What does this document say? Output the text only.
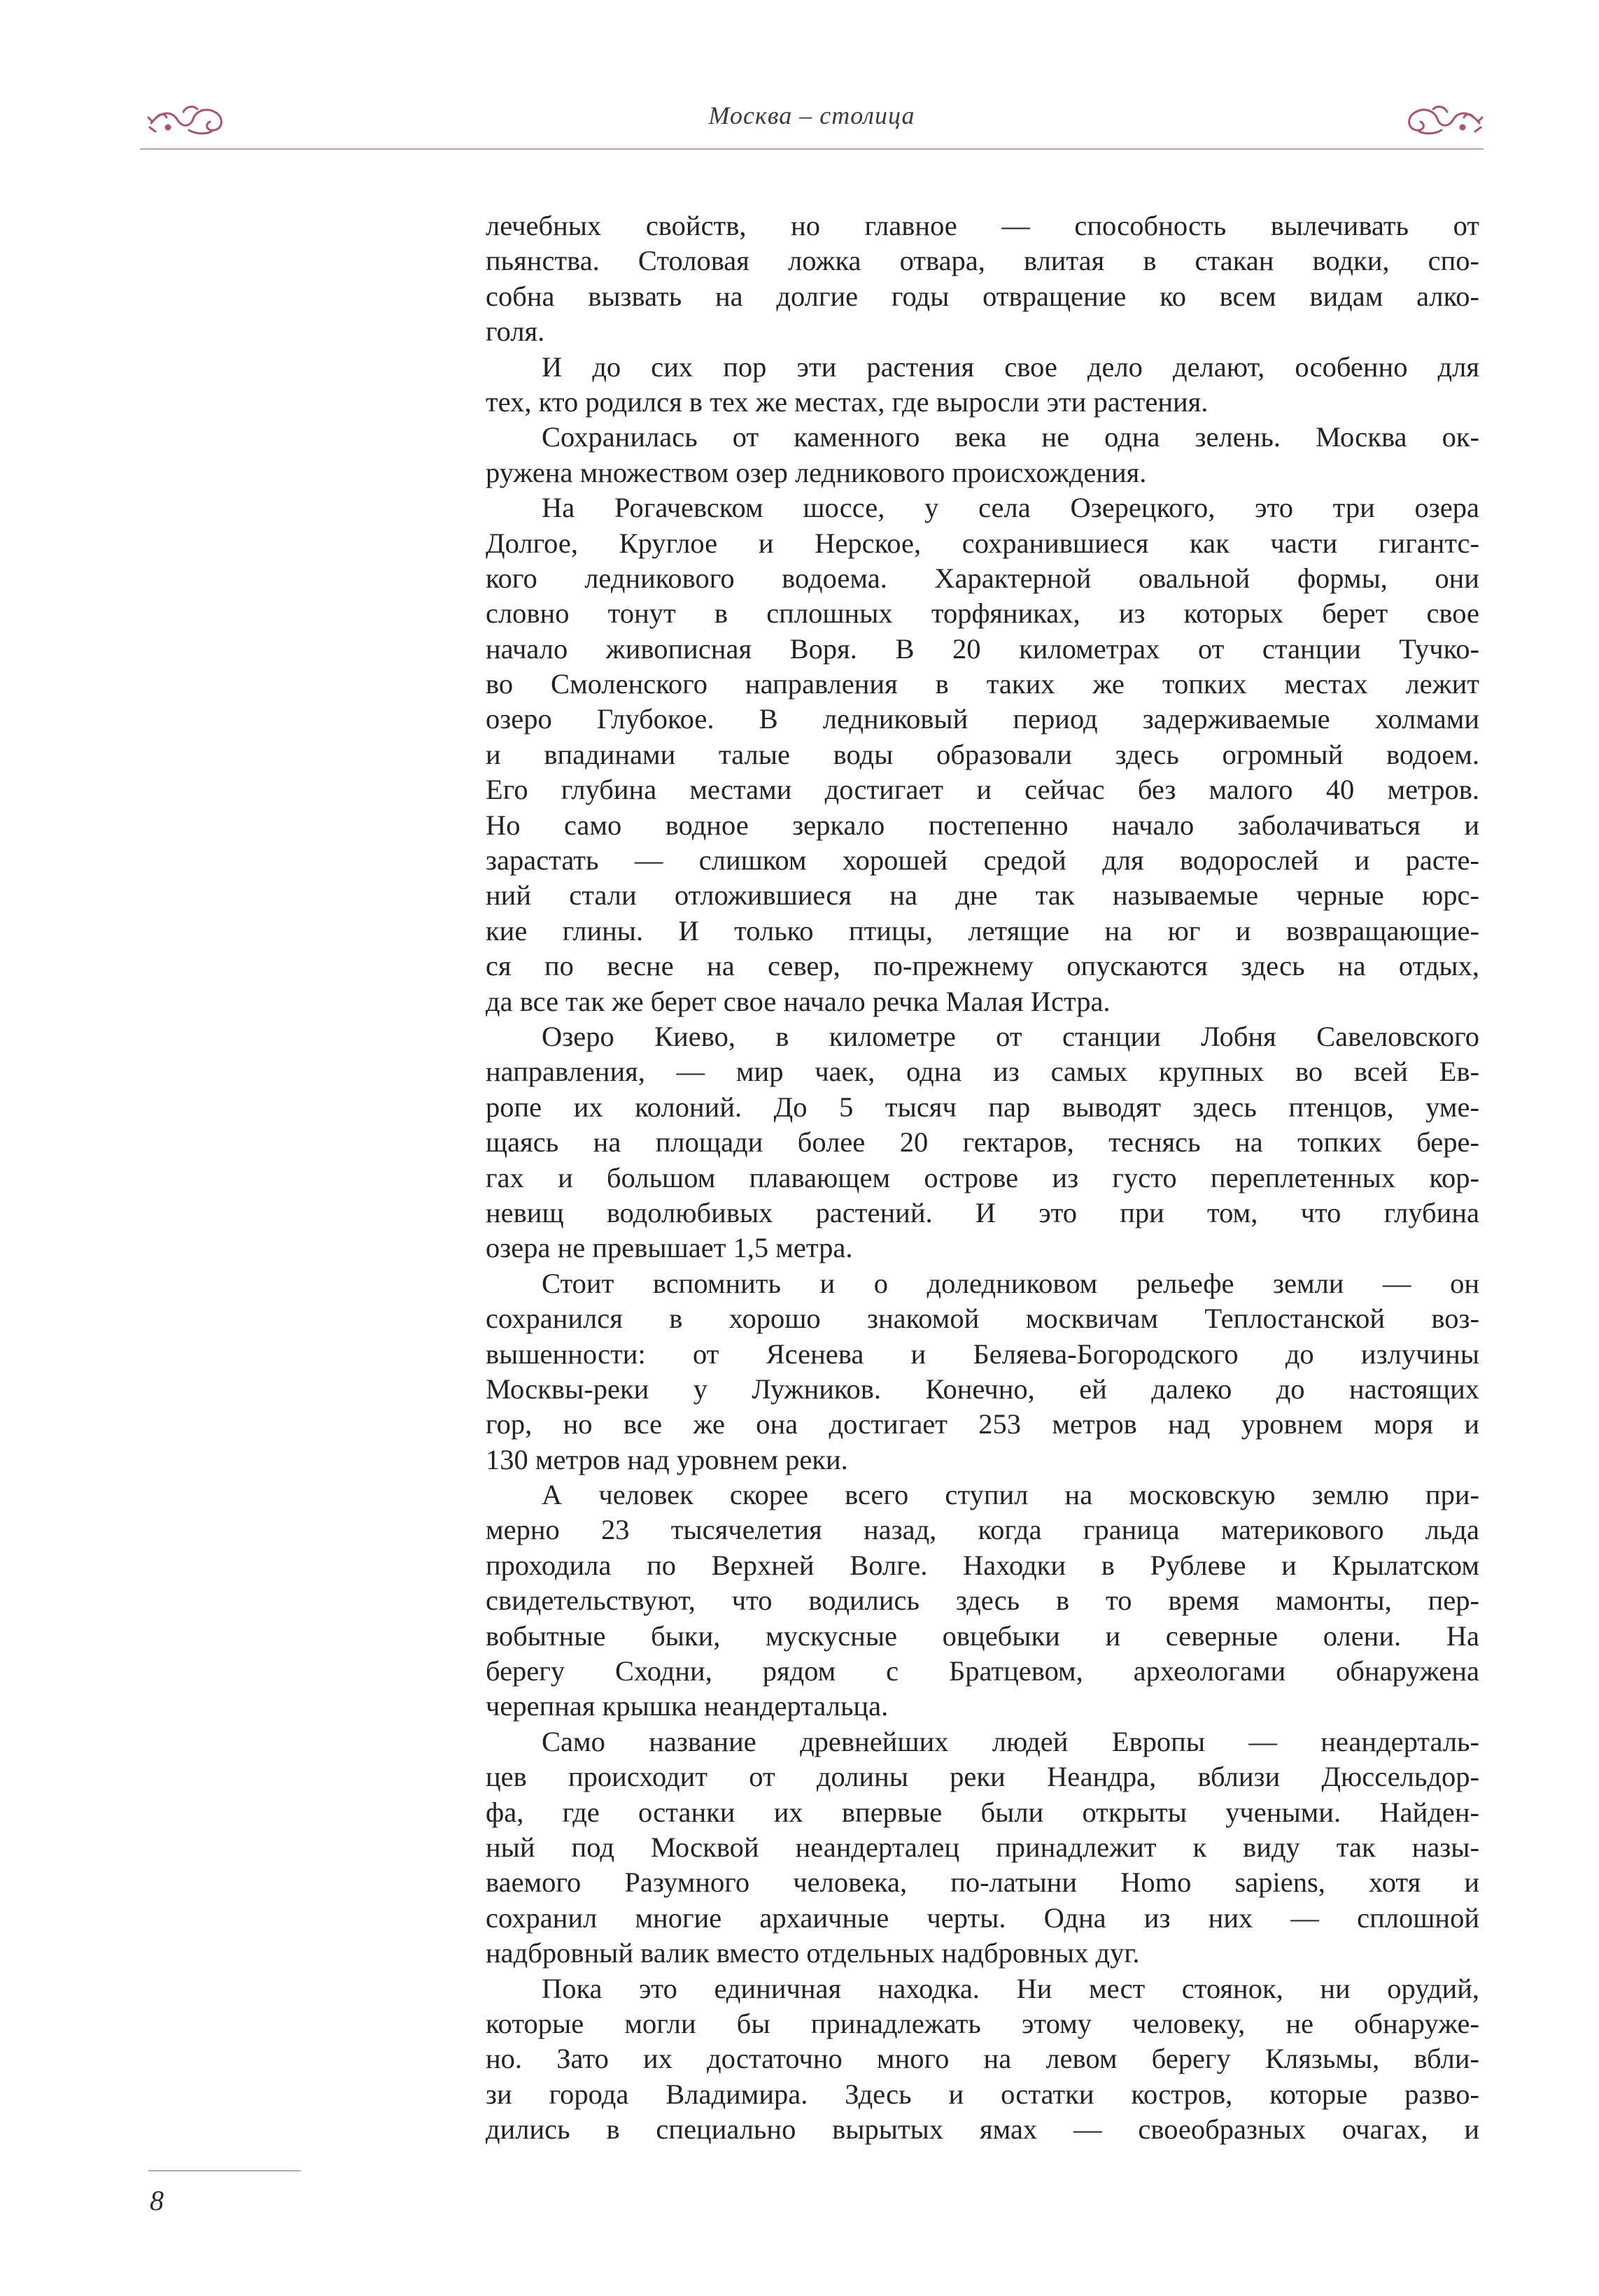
Москва – столица
лечебных свойств, но главное — способность вылечивать от
пьянства. Столовая ложка отвара, влитая в стакан водки, спо-
собна вызвать на долгие годы отвращение ко всем видам алко-
голя.
И до сих пор эти растения свое дело делают, особенно для
тех, кто родился в тех же местах, где выросли эти растения.
Сохранилась от каменного века не одна зелень. Москва ок-
ружена множеством озер ледникового происхождения.
На Рогачевском шоссе, у села Озерецкого, это три озера
Долгое, Круглое и Нерское, сохранившиеся как части гигантс-
кого ледникового водоема. Характерной овальной формы, они
словно тонут в сплошных торфяниках, из которых берет свое
начало живописная Воря. В 20 километрах от станции Тучко-
во Смоленского направления в таких же топких местах лежит
озеро Глубокое. В ледниковый период задерживаемые холмами
и впадинами талые воды образовали здесь огромный водоем.
Его глубина местами достигает и сейчас без малого 40 метров.
Но само водное зеркало постепенно начало заболачиваться и
зарастать — слишком хорошей средой для водорослей и расте-
ний стали отложившиеся на дне так называемые черные юрс-
кие глины. И только птицы, летящие на юг и возвращающие-
ся по весне на север, по-прежнему опускаются здесь на отдых,
да все так же берет свое начало речка Малая Истра.
Озеро Киево, в километре от станции Лобня Савеловского
направления, — мир чаек, одна из самых крупных во всей Ев-
ропе их колоний. До 5 тысяч пар выводят здесь птенцов, уме-
щаясь на площади более 20 гектаров, теснясь на топких бере-
гах и большом плавающем острове из густо переплетенных кор-
невищ водолюбивых растений. И это при том, что глубина
озера не превышает 1,5 метра.
Стоит вспомнить и о доледниковом рельефе земли — он
сохранился в хорошо знакомой москвичам Теплостанской воз-
вышенности: от Ясенева и Беляева-Богородского до излучины
Москвы-реки у Лужников. Конечно, ей далеко до настоящих
гор, но все же она достигает 253 метров над уровнем моря и
130 метров над уровнем реки.
А человек скорее всего ступил на московскую землю при-
мерно 23 тысячелетия назад, когда граница материкового льда
проходила по Верхней Волге. Находки в Рублеве и Крылатском
свидетельствуют, что водились здесь в то время мамонты, пер-
вобытные быки, мускусные овцебыки и северные олени. На
берегу Сходни, рядом с Братцевом, археологами обнаружена
черепная крышка неандертальца.
Само название древнейших людей Европы — неандерталь-
цев происходит от долины реки Неандра, вблизи Дюссельдор-
фа, где останки их впервые были открыты учеными. Найден-
ный под Москвой неандерталец принадлежит к виду так назы-
ваемого Разумного человека, по-латыни Homo sapiens, хотя и
сохранил многие архаичные черты. Одна из них — сплошной
надбровный валик вместо отдельных надбровных дуг.
Пока это единичная находка. Ни мест стоянок, ни орудий,
которые могли бы принадлежать этому человеку, не обнаруже-
но. Зато их достаточно много на левом берегу Клязьмы, вбли-
зи города Владимира. Здесь и остатки костров, которые разво-
дились в специально вырытых ямах — своеобразных очагах, и
8
